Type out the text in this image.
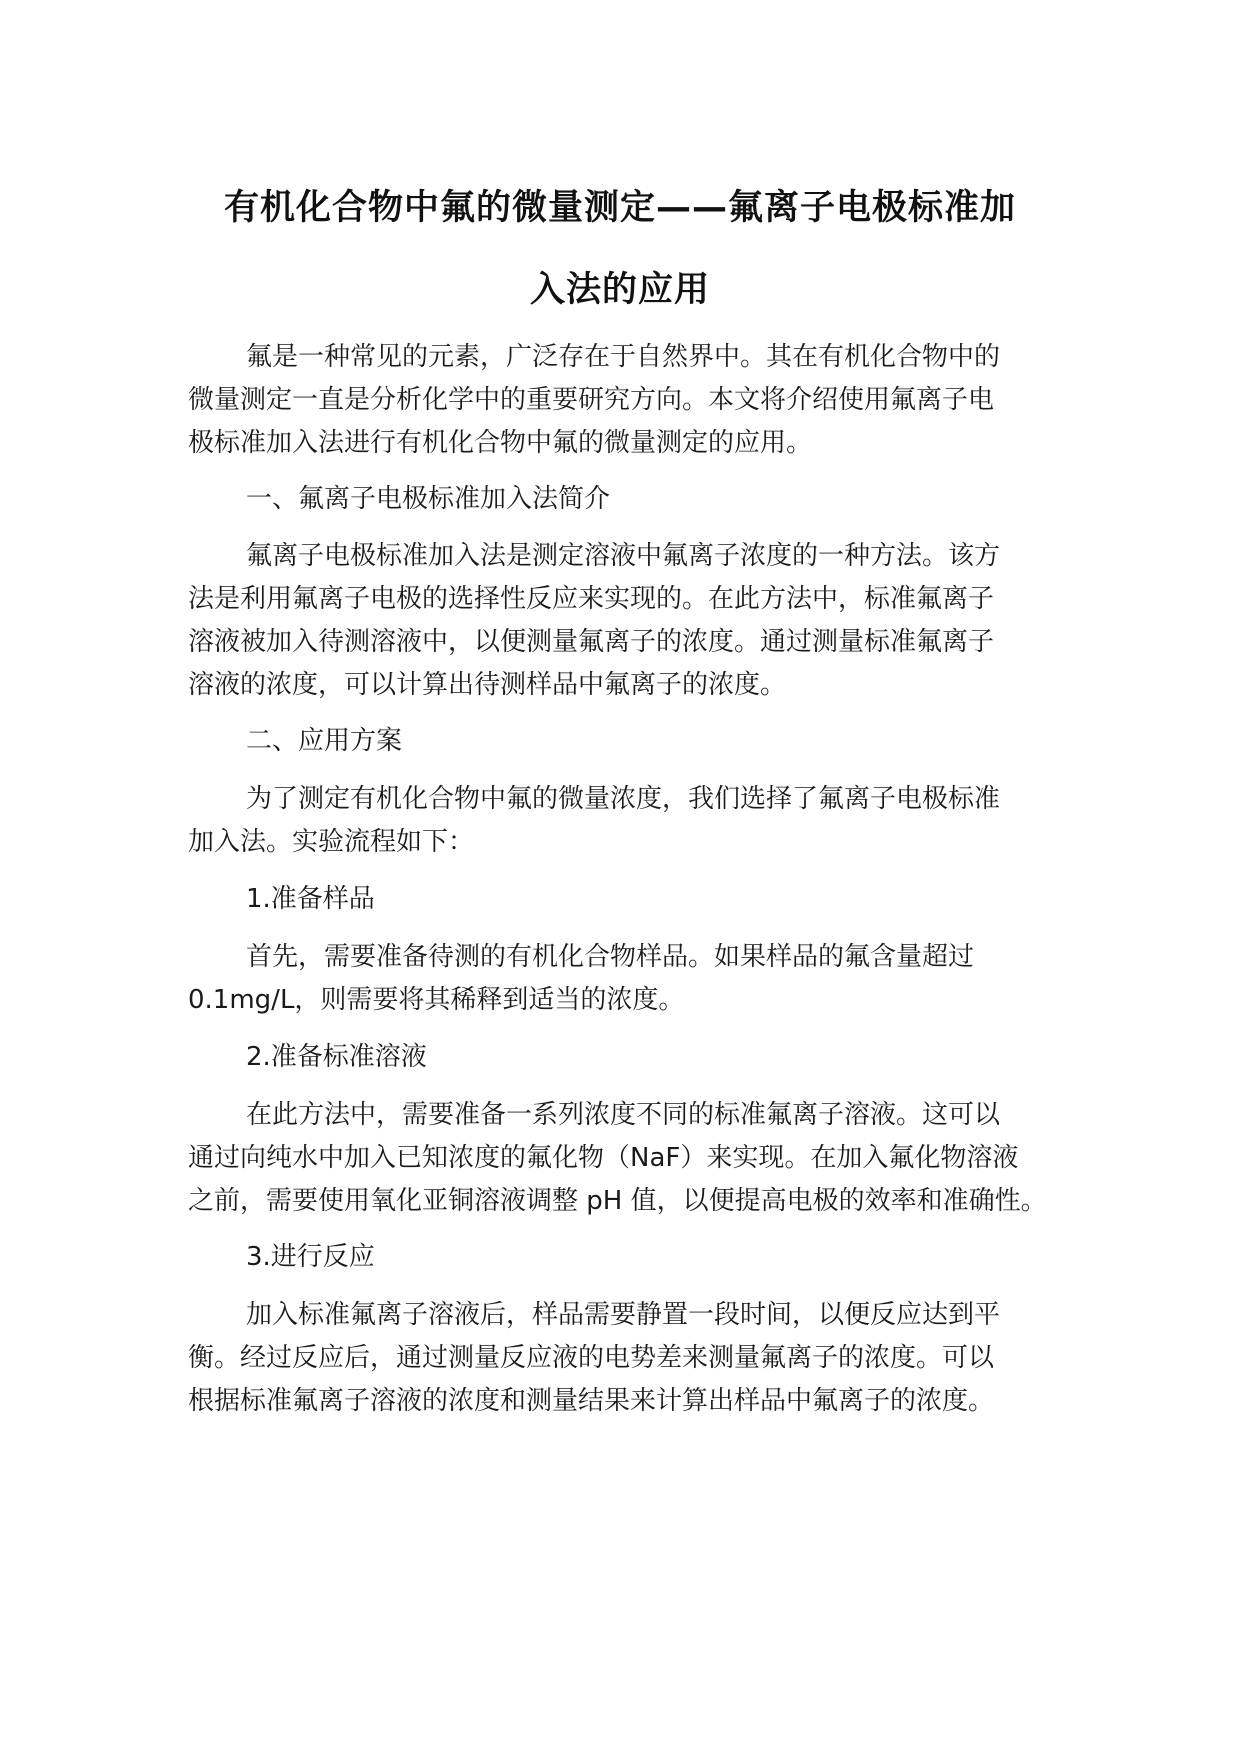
有机化合物中氟的微量测定——氟离子电极标准加
入法的应用
氟是一种常见的元素，广泛存在于自然界中。其在有机化合物中的
微量测定一直是分析化学中的重要研究方向。本文将介绍使用氟离子电
极标准加入法进行有机化合物中氟的微量测定的应用。
一、氟离子电极标准加入法简介
氟离子电极标准加入法是测定溶液中氟离子浓度的一种方法。该方
法是利用氟离子电极的选择性反应来实现的。在此方法中，标准氟离子
溶液被加入待测溶液中，以便测量氟离子的浓度。通过测量标准氟离子
溶液的浓度，可以计算出待测样品中氟离子的浓度。
二、应用方案
为了测定有机化合物中氟的微量浓度，我们选择了氟离子电极标准
加入法。实验流程如下：
1.准备样品
首先，需要准备待测的有机化合物样品。如果样品的氟含量超过
0.1mg/L，则需要将其稀释到适当的浓度。
2.准备标准溶液
在此方法中，需要准备一系列浓度不同的标准氟离子溶液。这可以
通过向纯水中加入已知浓度的氟化物（NaF）来实现。在加入氟化物溶液
之前，需要使用氧化亚铜溶液调整 pH 值，以便提高电极的效率和准确性。
3.进行反应
加入标准氟离子溶液后，样品需要静置一段时间，以便反应达到平
衡。经过反应后，通过测量反应液的电势差来测量氟离子的浓度。可以
根据标准氟离子溶液的浓度和测量结果来计算出样品中氟离子的浓度。
